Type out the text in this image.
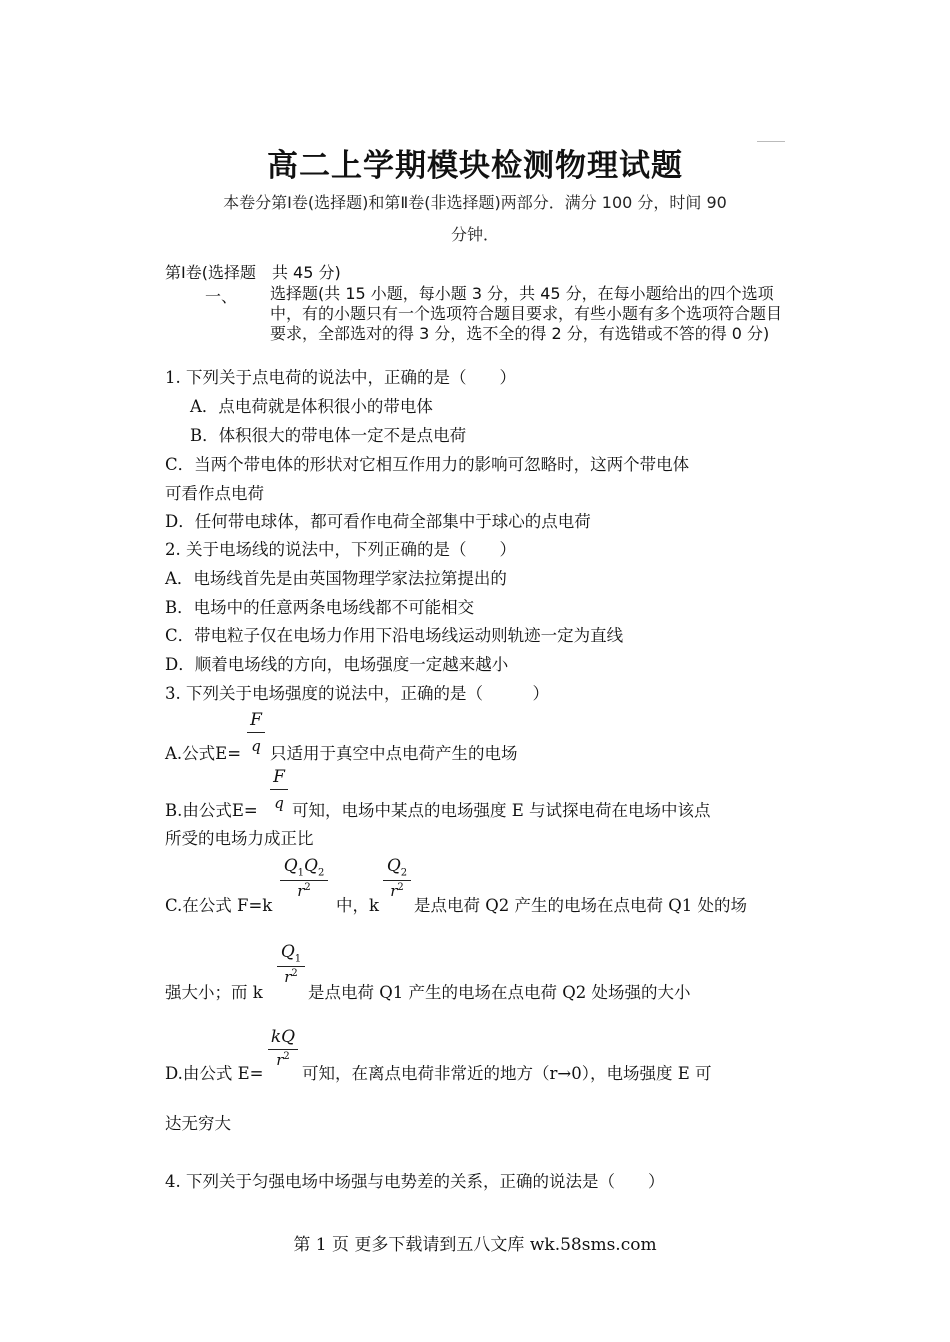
高二上学期模块检测物理试题
本卷分第Ⅰ卷(选择题)和第Ⅱ卷(非选择题)两部分．满分 100 分，时间 90
分钟．
第Ⅰ卷(选择题　共 45 分)
一、 选择题(共 15 小题，每小题 3 分，共 45 分，在每小题给出的四个选项中，有的小题只有一个选项符合题目要求，有些小题有多个选项符合题目要求，全部选对的得 3 分，选不全的得 2 分，有选错或不答的得 0 分)
1. 下列关于点电荷的说法中，正确的是（　　）
A．点电荷就是体积很小的带电体
B．体积很大的带电体一定不是点电荷
C．当两个带电体的形状对它相互作用力的影响可忽略时，这两个带电体
可看作点电荷
D．任何带电球体，都可看作电荷全部集中于球心的点电荷
2. 关于电场线的说法中，下列正确的是（　　）
A．电场线首先是由英国物理学家法拉第提出的
B．电场中的任意两条电场线都不可能相交
C．带电粒子仅在电场力作用下沿电场线运动则轨迹一定为直线
D．顺着电场线的方向，电场强度一定越来越小
3. 下列关于电场强度的说法中，正确的是（　　　）
F
q
A.公式E= 只适用于真空中点电荷产生的电场
F
q
B.由公式E= 可知，电场中某点的电场强度 E 与试探电荷在电场中该点
所受的电场力成正比
$Q_1Q_2$
$r^2$
$Q_2$
$r^2$
C.在公式 F=k	中，k 是点电荷 Q2 产生的电场在点电荷 Q1 处的场
$Q_1$
$r^2$
强大小；而 k	是点电荷 Q1 产生的电场在点电荷 Q2 处场强的大小
kQ
$r^2$
D.由公式 E= 可知，在离点电荷非常近的地方（r→0），电场强度 E 可
达无穷大
4. 下列关于匀强电场中场强与电势差的关系，正确的说法是（　　）
第 1 页 更多下载请到五八文库 wk.58sms.com
